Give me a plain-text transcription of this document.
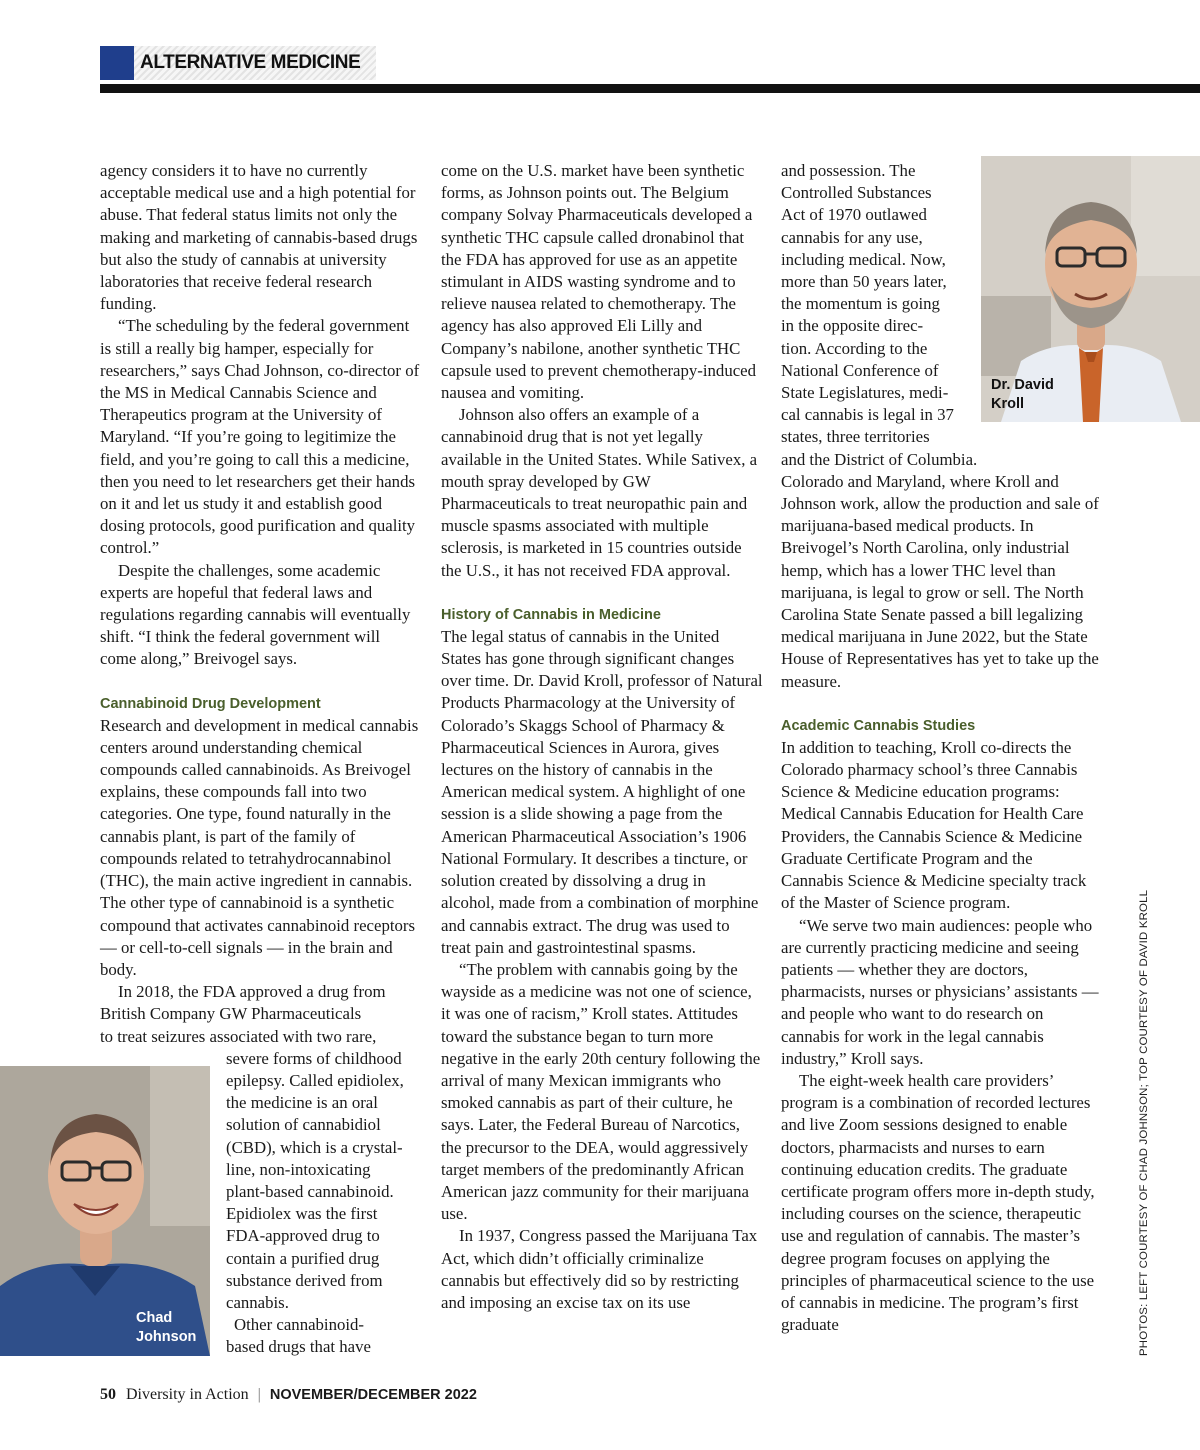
ALTERNATIVE MEDICINE

agency considers it to have no currently acceptable medical use and a high potential for abuse. That federal status limits not only the making and marketing of cannabis-based drugs but also the study of cannabis at university laboratories that receive federal research funding.

“The scheduling by the federal government is still a really big hamper, especially for researchers,” says Chad Johnson, co-director of the MS in Medical Cannabis Science and Therapeutics program at the University of Maryland. “If you’re going to legitimize the field, and you’re going to call this a medicine, then you need to let researchers get their hands on it and let us study it and establish good dosing protocols, good purification and quality control.”

Despite the challenges, some academic experts are hopeful that federal laws and regulations regarding cannabis will eventually shift. “I think the federal government will come along,” Breivogel says.

Cannabinoid Drug Development

Research and development in medical cannabis centers around understanding chemical compounds called cannabinoids. As Breivogel explains, these compounds fall into two categories. One type, found naturally in the cannabis plant, is part of the family of compounds related to tetrahydrocannabinol (THC), the main active ingredient in cannabis. The other type of cannabinoid is a synthetic compound that activates cannabinoid receptors — or cell-to-cell signals — in the brain and body.

In 2018, the FDA approved a drug from
British Company GW Pharmaceuticals
to treat seizures associated with two rare,
severe forms of childhood
epilepsy. Called epidiolex,
the medicine is an oral
solution of cannabidiol
(CBD), which is a crystal-
line, non-intoxicating
plant-based cannabinoid.
Epidiolex was the first
FDA-approved drug to
contain a purified drug
substance derived from
cannabis.
Other cannabinoid-
based drugs that have

come on the U.S. market have been synthetic forms, as Johnson points out. The Belgium company Solvay Pharmaceuticals developed a synthetic THC capsule called dronabinol that the FDA has approved for use as an appetite stimulant in AIDS wasting syndrome and to relieve nausea related to chemotherapy. The agency has also approved Eli Lilly and Company’s nabilone, another synthetic THC capsule used to prevent chemotherapy-induced nausea and vomiting.

Johnson also offers an example of a cannabinoid drug that is not yet legally available in the United States. While Sativex, a mouth spray developed by GW Pharmaceuticals to treat neuropathic pain and muscle spasms associated with multiple sclerosis, is marketed in 15 countries outside the U.S., it has not received FDA approval.

History of Cannabis in Medicine

The legal status of cannabis in the United States has gone through significant changes over time. Dr. David Kroll, professor of Natural Products Pharmacology at the University of Colorado’s Skaggs School of Pharmacy & Pharmaceutical Sciences in Aurora, gives lectures on the history of cannabis in the American medical system. A highlight of one session is a slide showing a page from the American Pharmaceutical Association’s 1906 National Formulary. It describes a tincture, or solution created by dissolving a drug in alcohol, made from a combination of morphine and cannabis extract. The drug was used to treat pain and gastrointestinal spasms.

“The problem with cannabis going by the wayside as a medicine was not one of science, it was one of racism,” Kroll states. Attitudes toward the substance began to turn more negative in the early 20th century following the arrival of many Mexican immigrants who smoked cannabis as part of their culture, he says. Later, the Federal Bureau of Narcotics, the precursor to the DEA, would aggressively target members of the predominantly African American jazz community for their marijuana use.

In 1937, Congress passed the Marijuana Tax Act, which didn’t officially criminalize cannabis but effectively did so by restricting and imposing an excise tax on its use

and possession. The
Controlled Substances
Act of 1970 outlawed
cannabis for any use,
including medical. Now,
more than 50 years later,
the momentum is going
in the opposite direc-
tion. According to the
National Conference of
State Legislatures, medi-
cal cannabis is legal in 37
states, three territories
and the District of Columbia.
Colorado and Maryland, where Kroll and Johnson work, allow the production and sale of marijuana-based medical products. In Breivogel’s North Carolina, only industrial hemp, which has a lower THC level than marijuana, is legal to grow or sell. The North Carolina State Senate passed a bill legalizing medical marijuana in June 2022, but the State House of Representatives has yet to take up the measure.

Academic Cannabis Studies

In addition to teaching, Kroll co-directs the Colorado pharmacy school’s three Cannabis Science & Medicine education programs: Medical Cannabis Education for Health Care Providers, the Cannabis Science & Medicine Graduate Certificate Program and the Cannabis Science & Medicine specialty track of the Master of Science program.

“We serve two main audiences: people who are currently practicing medicine and seeing patients — whether they are doctors, pharmacists, nurses or physicians’ assistants — and people who want to do research on cannabis for work in the legal cannabis industry,” Kroll says.

The eight-week health care providers’ program is a combination of recorded lectures and live Zoom sessions designed to enable doctors, pharmacists and nurses to earn continuing education credits. The graduate certificate program offers more in-depth study, including courses on the science, therapeutic use and regulation of cannabis. The master’s degree program focuses on applying the principles of pharmaceutical science to the use of cannabis in medicine. The program’s first graduate

Dr. David
Kroll
Chad
Johnson	PHOTOS: LEFT COURTESY OF CHAD JOHNSON; TOP COURTESY OF DAVID KROLL
50 Diversity in Action | NOVEMBER/DECEMBER 2022
